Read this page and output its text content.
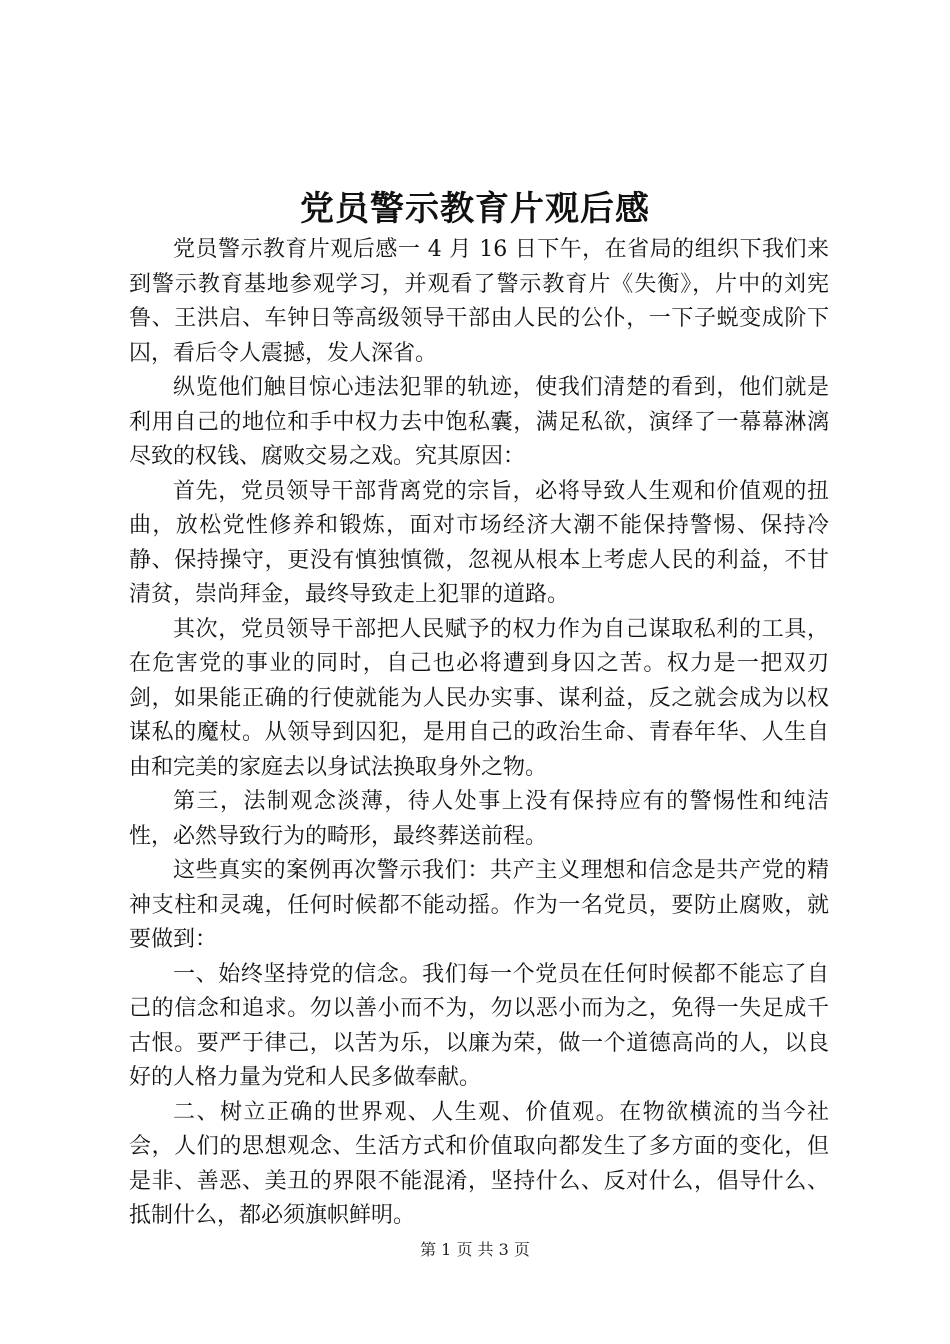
党员警示教育片观后感

党员警示教育片观后感一 4 月 16 日下午，在省局的组织下我们来到警示教育基地参观学习，并观看了警示教育片《失衡》，片中的刘宪鲁、王洪启、车钟日等高级领导干部由人民的公仆，一下子蜕变成阶下囚，看后令人震撼，发人深省。

纵览他们触目惊心违法犯罪的轨迹，使我们清楚的看到，他们就是利用自己的地位和手中权力去中饱私囊，满足私欲，演绎了一幕幕淋漓尽致的权钱、腐败交易之戏。究其原因：

首先，党员领导干部背离党的宗旨，必将导致人生观和价值观的扭曲，放松党性修养和锻炼，面对市场经济大潮不能保持警惕、保持冷静、保持操守，更没有慎独慎微，忽视从根本上考虑人民的利益，不甘清贫，崇尚拜金，最终导致走上犯罪的道路。

其次，党员领导干部把人民赋予的权力作为自己谋取私利的工具，在危害党的事业的同时，自己也必将遭到身囚之苦。权力是一把双刃剑，如果能正确的行使就能为人民办实事、谋利益，反之就会成为以权谋私的魔杖。从领导到囚犯，是用自己的政治生命、青春年华、人生自由和完美的家庭去以身试法换取身外之物。

第三，法制观念淡薄，待人处事上没有保持应有的警惕性和纯洁性，必然导致行为的畸形，最终葬送前程。

这些真实的案例再次警示我们：共产主义理想和信念是共产党的精神支柱和灵魂，任何时候都不能动摇。作为一名党员，要防止腐败，就要做到：

一、始终坚持党的信念。我们每一个党员在任何时候都不能忘了自己的信念和追求。勿以善小而不为，勿以恶小而为之，免得一失足成千古恨。要严于律己，以苦为乐，以廉为荣，做一个道德高尚的人，以良好的人格力量为党和人民多做奉献。

二、树立正确的世界观、人生观、价值观。在物欲横流的当今社会，人们的思想观念、生活方式和价值取向都发生了多方面的变化，但是非、善恶、美丑的界限不能混淆，坚持什么、反对什么，倡导什么、抵制什么，都必须旗帜鲜明。

第 1 页 共 3 页
